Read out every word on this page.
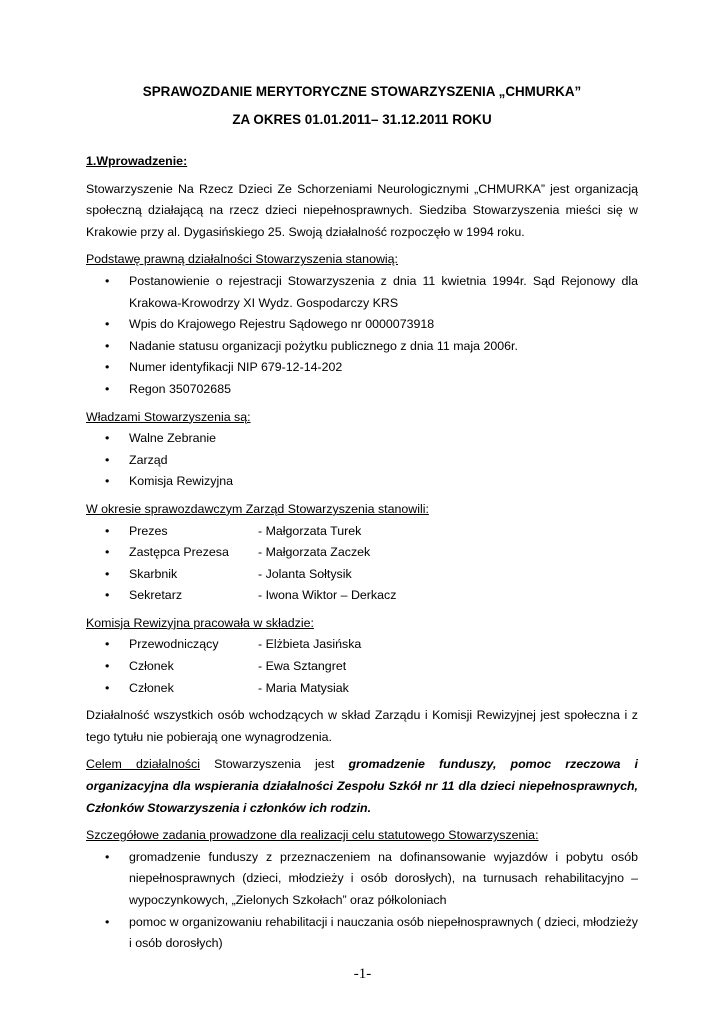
SPRAWOZDANIE MERYTORYCZNE STOWARZYSZENIA „CHMURKA”
ZA OKRES 01.01.2011– 31.12.2011 ROKU
1.Wprowadzenie:

Stowarzyszenie Na Rzecz Dzieci Ze Schorzeniami Neurologicznymi „CHMURKA” jest organizacją społeczną działającą na rzecz dzieci niepełnosprawnych. Siedziba Stowarzyszenia mieści się w Krakowie przy al. Dygasińskiego 25. Swoją działalność rozpoczęło w 1994 roku.

Podstawę prawną działalności Stowarzyszenia stanowią:

• Postanowienie o rejestracji Stowarzyszenia z dnia 11 kwietnia 1994r. Sąd Rejonowy dla Krakowa-Krowodrzy XI Wydz. Gospodarczy KRS
• Wpis do Krajowego Rejestru Sądowego nr 0000073918
• Nadanie statusu organizacji pożytku publicznego z dnia 11 maja 2006r.
• Numer identyfikacji NIP 679-12-14-202
• Regon 350702685

Władzami Stowarzyszenia są:

• Walne Zebranie
• Zarząd
• Komisja Rewizyjna

W okresie sprawozdawczym Zarząd Stowarzyszenia stanowili:

• Prezes	- Małgorzata Turek
• Zastępca Prezesa	- Małgorzata Zaczek
• Skarbnik	- Jolanta Sołtysik
• Sekretarz	- Iwona Wiktor – Derkacz

Komisja Rewizyjna pracowała w składzie:

• Przewodniczący	- Elżbieta Jasińska
• Członek	- Ewa Sztangret
• Członek	- Maria Matysiak

Działalność wszystkich osób wchodzących w skład Zarządu i Komisji Rewizyjnej jest społeczna i z tego tytułu nie pobierają one wynagrodzenia.

Celem działalności Stowarzyszenia jest gromadzenie funduszy, pomoc rzeczowa i organizacyjna dla wspierania działalności Zespołu Szkół nr 11 dla dzieci niepełnosprawnych, Członków Stowarzyszenia i członków ich rodzin.

Szczegółowe zadania prowadzone dla realizacji celu statutowego Stowarzyszenia:

• gromadzenie funduszy z przeznaczeniem na dofinansowanie wyjazdów i pobytu osób niepełnosprawnych (dzieci, młodzieży i osób dorosłych), na turnusach rehabilitacyjno – wypoczynkowych, „Zielonych Szkołach” oraz półkoloniach
• pomoc w organizowaniu rehabilitacji i nauczania osób niepełnosprawnych ( dzieci, młodzieży i osób dorosłych)
-1-
